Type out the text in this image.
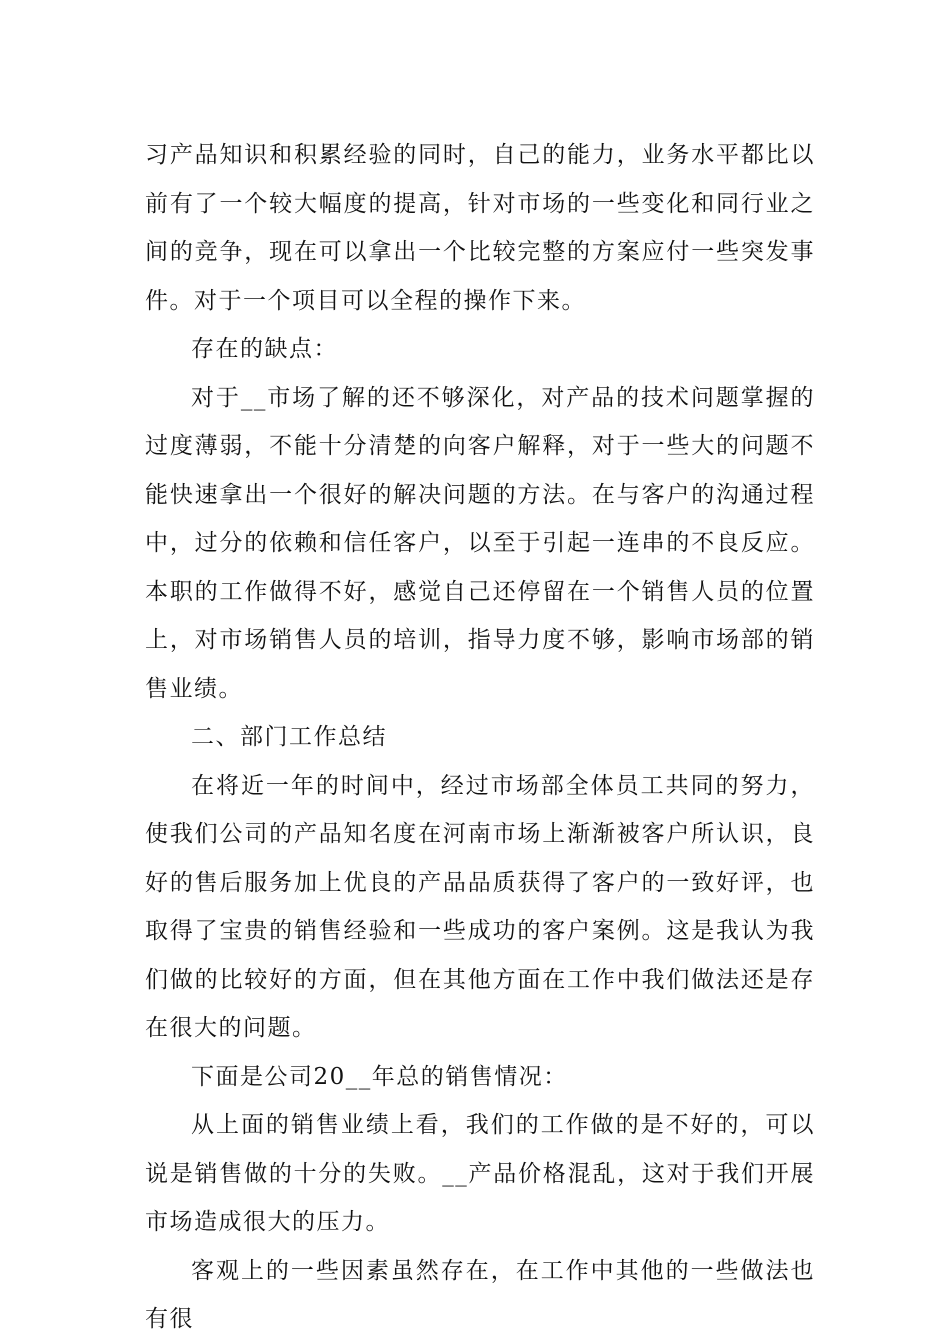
习产品知识和积累经验的同时，自己的能力，业务水平都比以前有了一个较大幅度的提高，针对市场的一些变化和同行业之间的竞争，现在可以拿出一个比较完整的方案应付一些突发事件。对于一个项目可以全程的操作下来。

存在的缺点：

对于__市场了解的还不够深化，对产品的技术问题掌握的过度薄弱，不能十分清楚的向客户解释，对于一些大的问题不能快速拿出一个很好的解决问题的方法。在与客户的沟通过程中，过分的依赖和信任客户，以至于引起一连串的不良反应。本职的工作做得不好，感觉自己还停留在一个销售人员的位置上，对市场销售人员的培训，指导力度不够，影响市场部的销售业绩。

二、部门工作总结

在将近一年的时间中，经过市场部全体员工共同的努力，使我们公司的产品知名度在河南市场上渐渐被客户所认识，良好的售后服务加上优良的产品品质获得了客户的一致好评，也取得了宝贵的销售经验和一些成功的客户案例。这是我认为我们做的比较好的方面，但在其他方面在工作中我们做法还是存在很大的问题。

下面是公司20__年总的销售情况：

从上面的销售业绩上看，我们的工作做的是不好的，可以说是销售做的十分的失败。__产品价格混乱，这对于我们开展市场造成很大的压力。

客观上的一些因素虽然存在，在工作中其他的一些做法也有很
